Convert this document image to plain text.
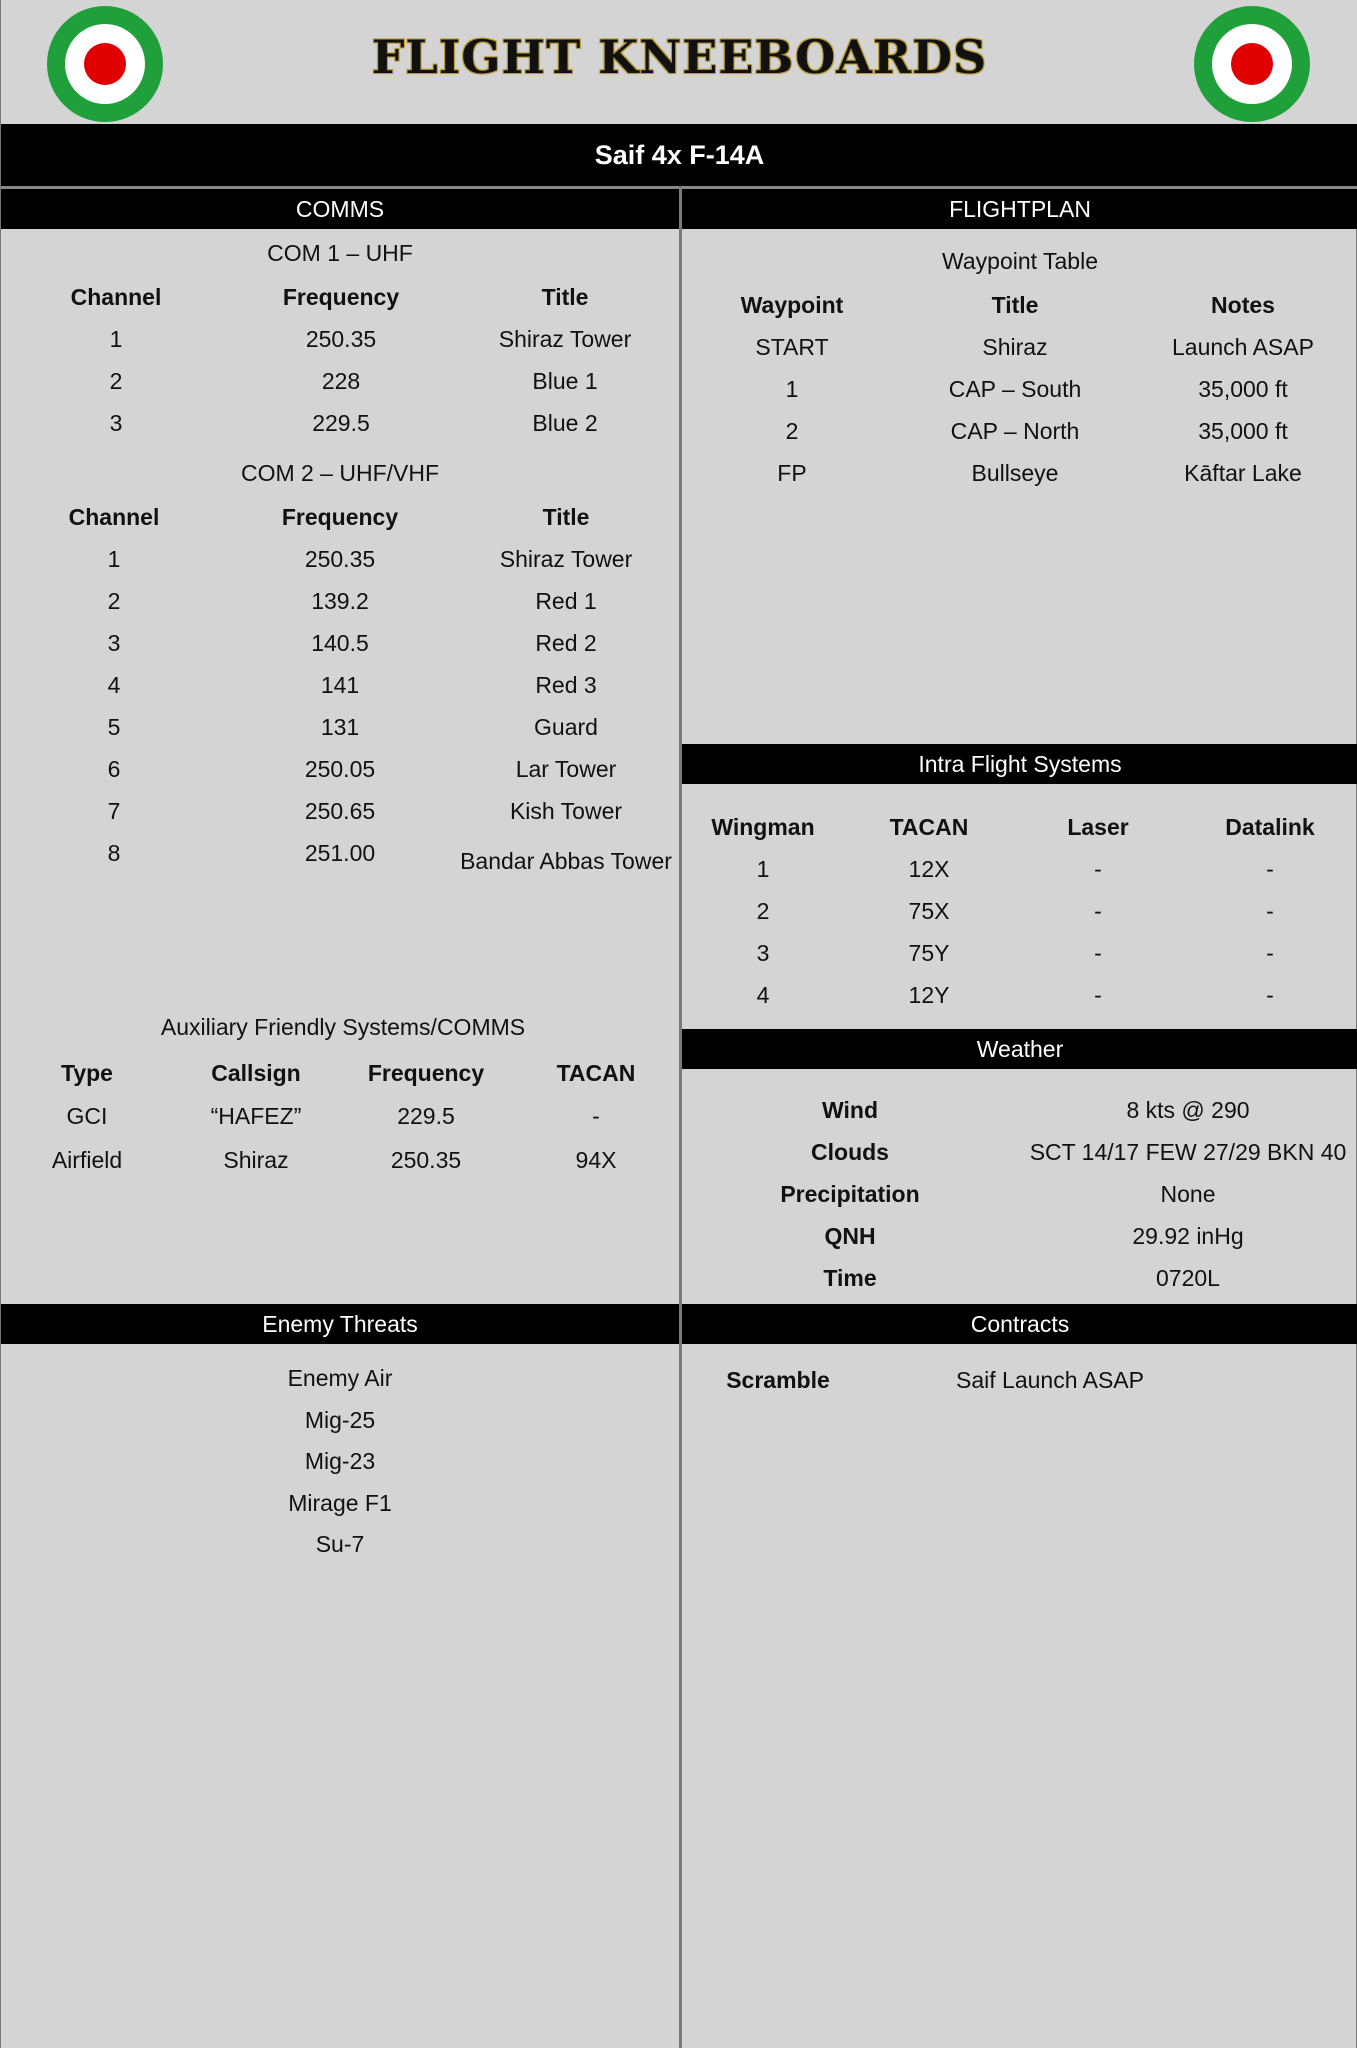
FLIGHT KNEEBOARDS
Saif 4x F-14A
COMMS
COM 1 – UHF
Channel	Frequency	Title
1	250.35	Shiraz Tower
2	228	Blue 1
3	229.5	Blue 2
COM 2 – UHF/VHF
Channel	Frequency	Title
1	250.35	Shiraz Tower
2	139.2	Red 1
3	140.5	Red 2
4	141	Red 3
5	131	Guard
6	250.05	Lar Tower
7	250.65	Kish Tower
8	251.00	Bandar Abbas Tower
Auxiliary Friendly Systems/COMMS
Type	Callsign	Frequency	TACAN
GCI	“HAFEZ”	229.5	-
Airfield	Shiraz	250.35	94X
FLIGHTPLAN
Waypoint Table
Waypoint	Title	Notes
START	Shiraz	Launch ASAP
1	CAP – South	35,000 ft
2	CAP – North	35,000 ft
FP	Bullseye	Kāftar Lake
Intra Flight Systems
Wingman	TACAN	Laser	Datalink
1	12X	-	-
2	75X	-	-
3	75Y	-	-
4	12Y	-	-
Weather
Wind	8 kts @ 290
Clouds	SCT 14/17 FEW 27/29 BKN 40
Precipitation	None
QNH	29.92 inHg
Time	0720L
Enemy Threats
Enemy Air
Mig-25
Mig-23
Mirage F1
Su-7
Contracts
Scramble	Saif Launch ASAP
